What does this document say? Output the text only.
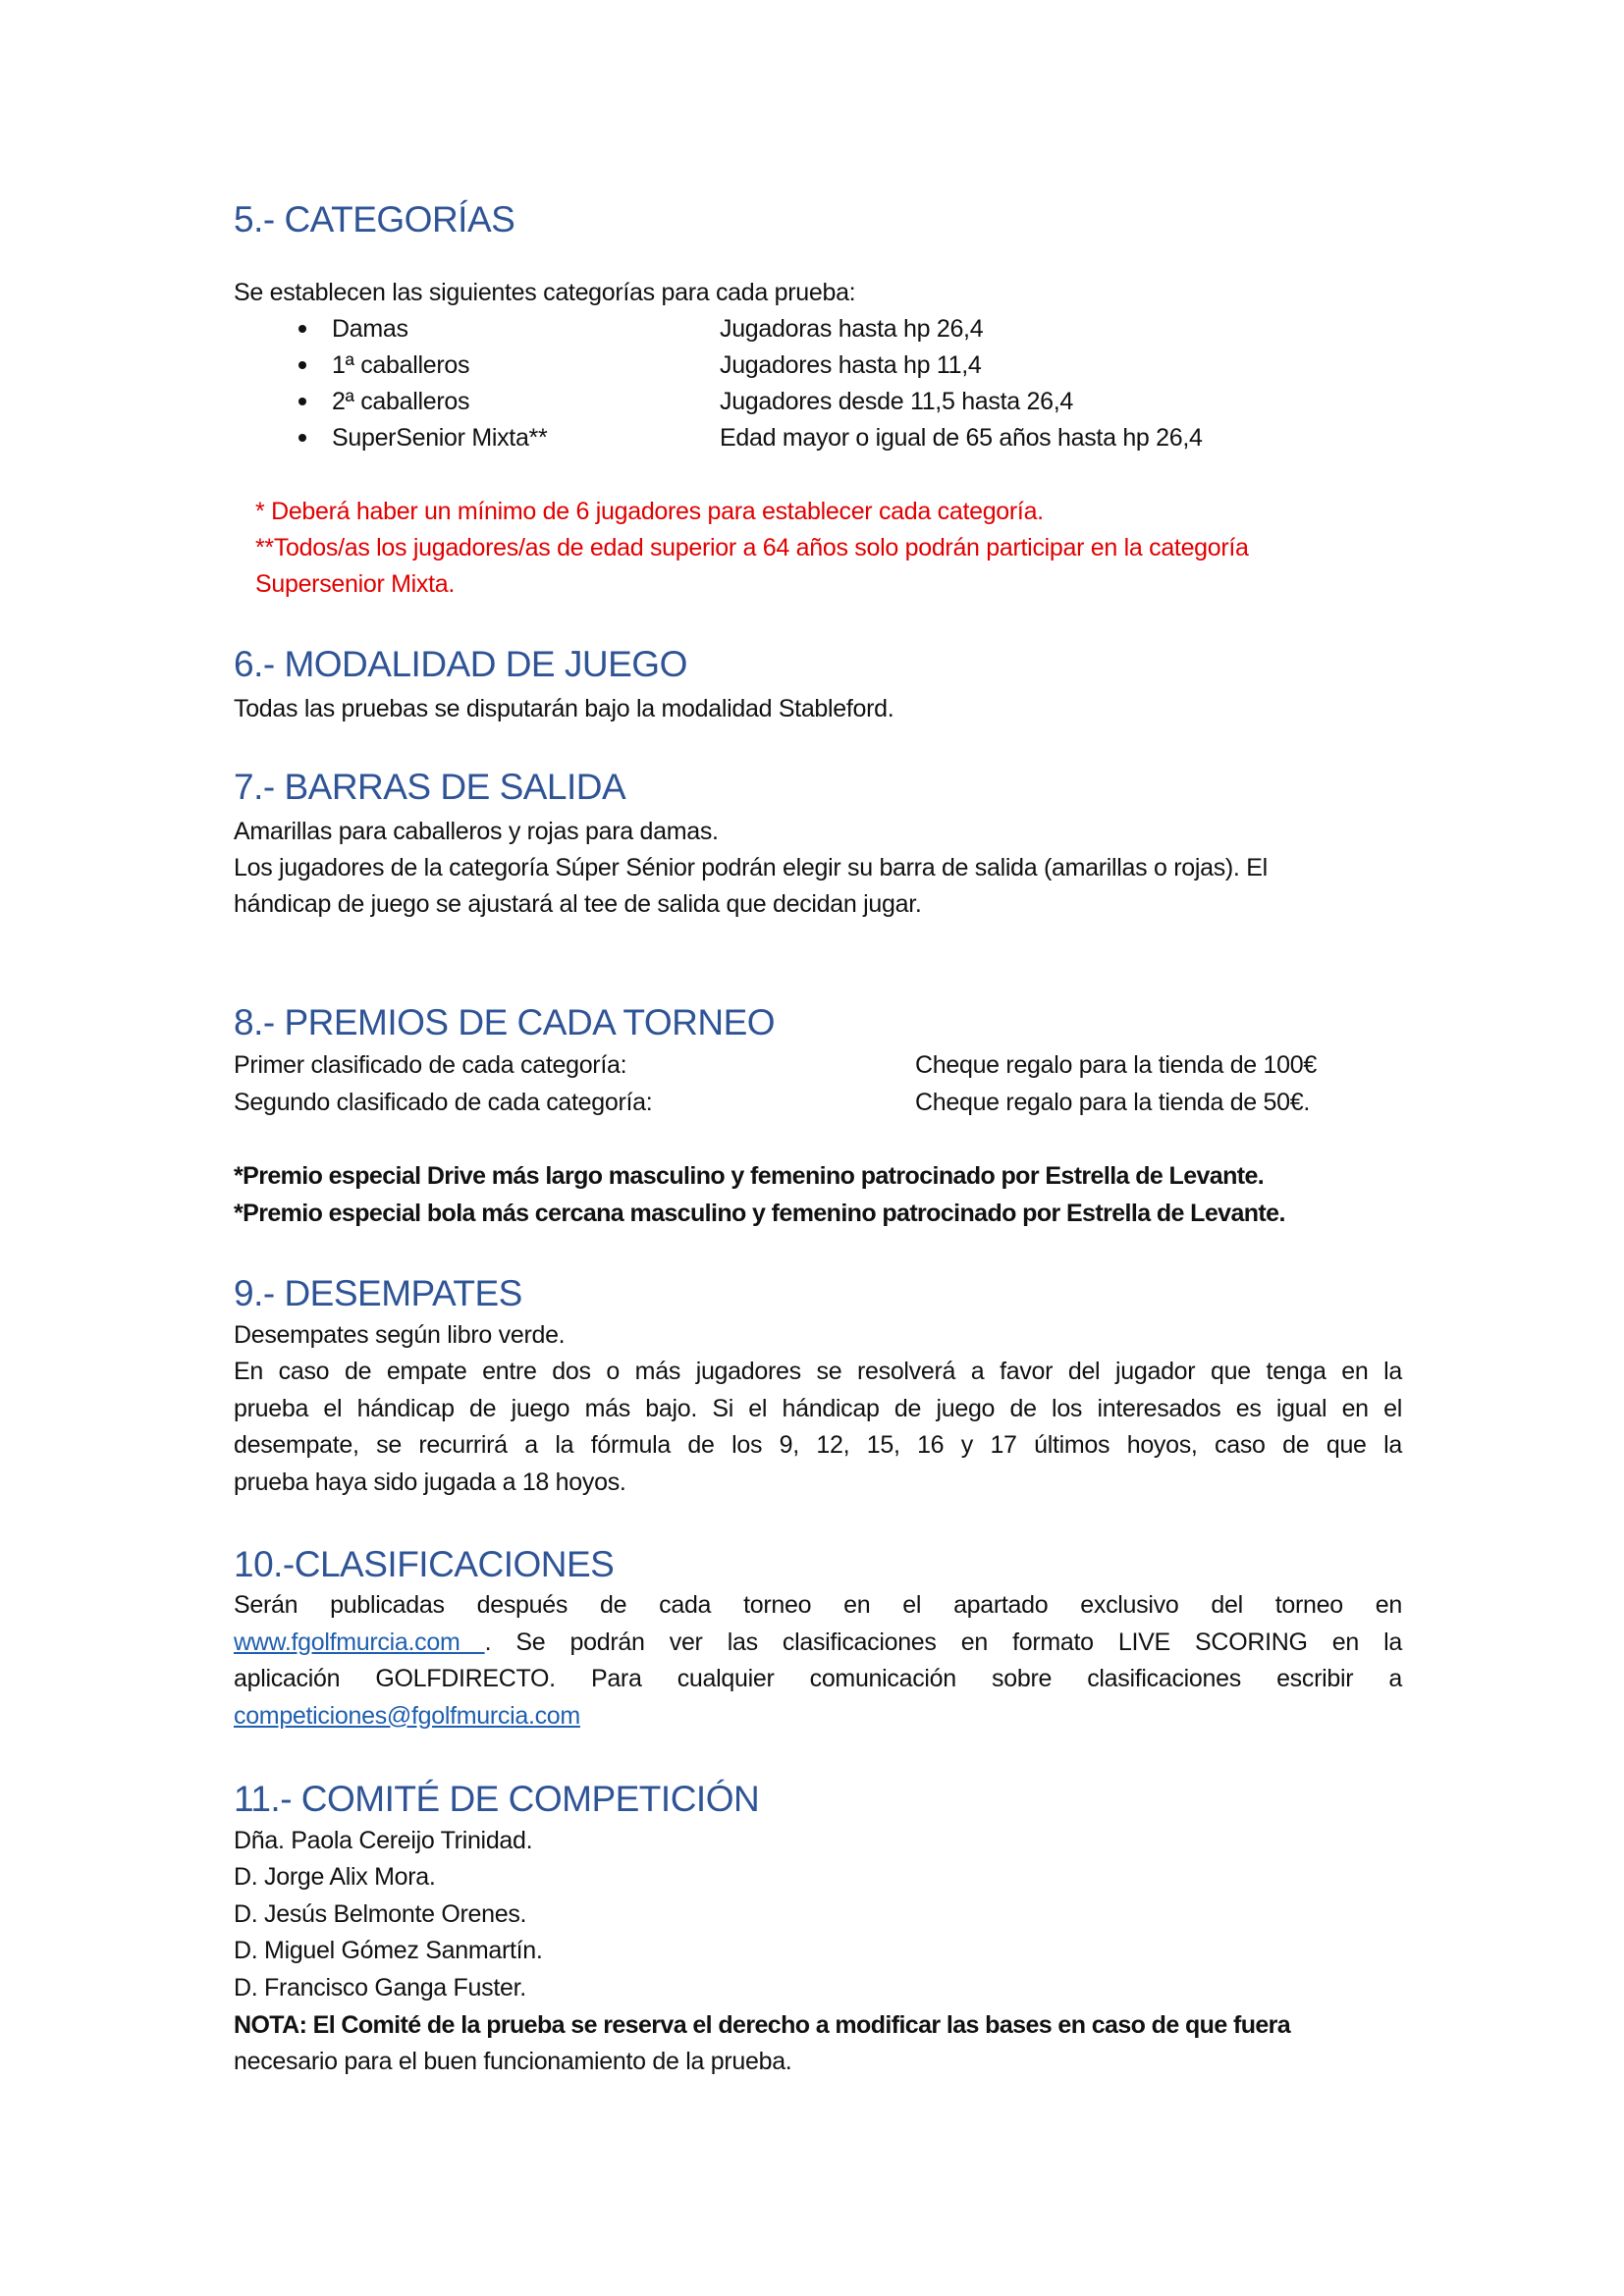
5.- CATEGORÍAS
Se establecen las siguientes categorías para cada prueba:
Damas	Jugadoras hasta hp 26,4
1ª caballeros	Jugadores hasta hp 11,4
2ª caballeros	Jugadores desde 11,5 hasta 26,4
SuperSenior Mixta**	Edad mayor o igual de 65 años hasta hp 26,4
* Deberá haber un mínimo de 6 jugadores para establecer cada categoría.
**Todos/as los jugadores/as de edad superior a 64 años solo podrán participar en la categoría
Supersenior Mixta.
6.- MODALIDAD DE JUEGO
Todas las pruebas se disputarán bajo la modalidad Stableford.
7.- BARRAS DE SALIDA
Amarillas para caballeros y rojas para damas.
Los jugadores de la categoría Súper Sénior podrán elegir su barra de salida (amarillas o rojas). El
hándicap de juego se ajustará al tee de salida que decidan jugar.
8.- PREMIOS DE CADA TORNEO
Primer clasificado de cada categoría:	Cheque regalo para la tienda de 100€
Segundo clasificado de cada categoría:	Cheque regalo para la tienda de 50€.
*Premio especial Drive más largo masculino y femenino patrocinado por Estrella de Levante.
*Premio especial bola más cercana masculino y femenino patrocinado por Estrella de Levante.
9.- DESEMPATES
Desempates según libro verde.
En caso de empate entre dos o más jugadores se resolverá a favor del jugador que tenga en la
prueba el hándicap de juego más bajo. Si el hándicap de juego de los interesados es igual en el
desempate, se recurrirá a la fórmula de los 9, 12, 15, 16 y 17 últimos hoyos, caso de que la
prueba haya sido jugada a 18 hoyos.
10.-CLASIFICACIONES
Serán publicadas después de cada torneo en el apartado exclusivo del torneo en
www.fgolfmurcia.com . Se podrán ver las clasificaciones en formato LIVE SCORING en la
aplicación GOLFDIRECTO. Para cualquier comunicación sobre clasificaciones escribir a
competiciones@fgolfmurcia.com
11.- COMITÉ DE COMPETICIÓN
Dña. Paola Cereijo Trinidad.
D. Jorge Alix Mora.
D. Jesús Belmonte Orenes.
D. Miguel Gómez Sanmartín.
D. Francisco Ganga Fuster.
NOTA: El Comité de la prueba se reserva el derecho a modificar las bases en caso de que fuera
necesario para el buen funcionamiento de la prueba.
